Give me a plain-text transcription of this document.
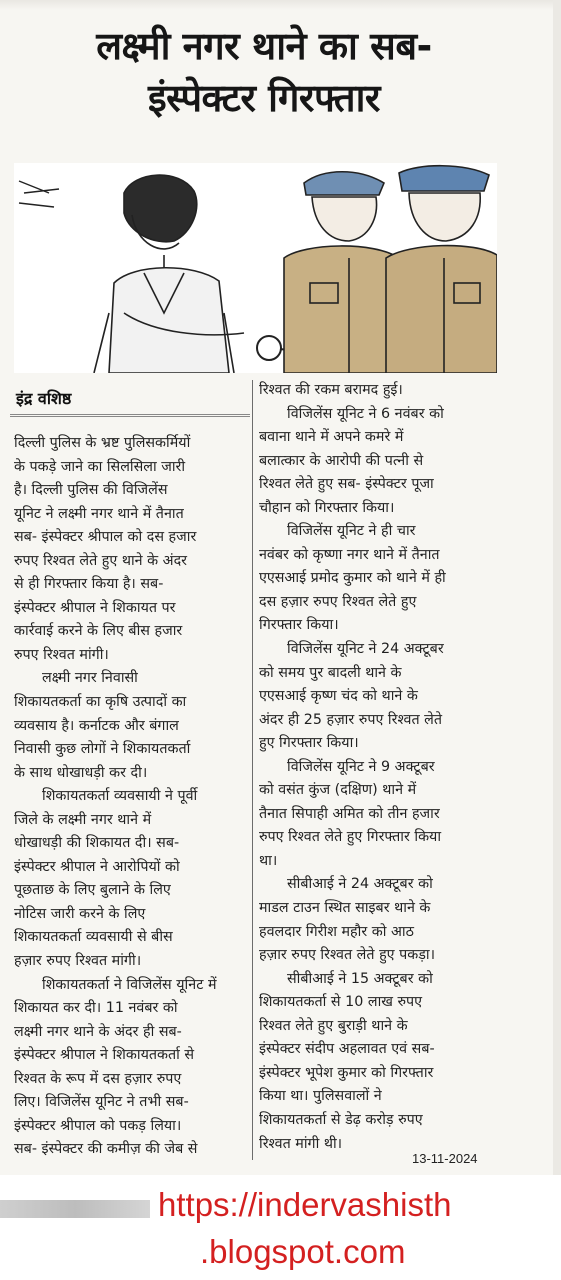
लक्ष्मी नगर थाने का सब-
इंस्पेक्टर गिरफ्तार
इंद्र वशिष्ठ
दिल्ली पुलिस के भ्रष्ट पुलिसकर्मियों
के पकड़े जाने का सिलसिला जारी
है। दिल्ली पुलिस की विजिलेंस
यूनिट ने लक्ष्मी नगर थाने में तैनात
सब- इंस्पेक्टर श्रीपाल को दस हजार
रुपए रिश्वत लेते हुए थाने के अंदर
से ही गिरफ्तार किया है। सब-
इंस्पेक्टर श्रीपाल ने शिकायत पर
कार्रवाई करने के लिए बीस हजार
रुपए रिश्वत मांगी।
लक्ष्मी नगर निवासी
शिकायतकर्ता का कृषि उत्पादों का
व्यवसाय है। कर्नाटक और बंगाल
निवासी कुछ लोगों ने शिकायतकर्ता
के साथ धोखाधड़ी कर दी।
शिकायतकर्ता व्यवसायी ने पूर्वी
जिले के लक्ष्मी नगर थाने में
धोखाधड़ी की शिकायत दी। सब-
इंस्पेक्टर श्रीपाल ने आरोपियों को
पूछताछ के लिए बुलाने के लिए
नोटिस जारी करने के लिए
शिकायतकर्ता व्यवसायी से बीस
हज़ार रुपए रिश्वत मांगी।
शिकायतकर्ता ने विजिलेंस यूनिट में
शिकायत कर दी। 11 नवंबर को
लक्ष्मी नगर थाने के अंदर ही सब-
इंस्पेक्टर श्रीपाल ने शिकायतकर्ता से
रिश्वत के रूप में दस हज़ार रुपए
लिए। विजिलेंस यूनिट ने तभी सब-
इंस्पेक्टर श्रीपाल को पकड़ लिया।
सब- इंस्पेक्टर की कमीज़ की जेब से
रिश्वत की रकम बरामद हुई।
विजिलेंस यूनिट ने 6 नवंबर को
बवाना थाने में अपने कमरे में
बलात्कार के आरोपी की पत्नी से
रिश्वत लेते हुए सब- इंस्पेक्टर पूजा
चौहान को गिरफ्तार किया।
विजिलेंस यूनिट ने ही चार
नवंबर को कृष्णा नगर थाने में तैनात
एएसआई प्रमोद कुमार को थाने में ही
दस हज़ार रुपए रिश्वत लेते हुए
गिरफ्तार किया।
विजिलेंस यूनिट ने 24 अक्टूबर
को समय पुर बादली थाने के
एएसआई कृष्ण चंद को थाने के
अंदर ही 25 हज़ार रुपए रिश्वत लेते
हुए गिरफ्तार किया।
विजिलेंस यूनिट ने 9 अक्टूबर
को वसंत कुंज (दक्षिण) थाने में
तैनात सिपाही अमित को तीन हजार
रुपए रिश्वत लेते हुए गिरफ्तार किया
था।
सीबीआई ने 24 अक्टूबर को
माडल टाउन स्थित साइबर थाने के
हवलदार गिरीश महौर को आठ
हज़ार रुपए रिश्वत लेते हुए पकड़ा।
सीबीआई ने 15 अक्टूबर को
शिकायतकर्ता से 10 लाख रुपए
रिश्वत लेते हुए बुराड़ी थाने के
इंस्पेक्टर संदीप अहलावत एवं सब-
इंस्पेक्टर भूपेश कुमार को गिरफ्तार
किया था। पुलिसवालों ने
शिकायतकर्ता से डेढ़ करोड़ रुपए
रिश्वत मांगी थी।
13-11-2024

https://indervashisth

.blogspot.com
